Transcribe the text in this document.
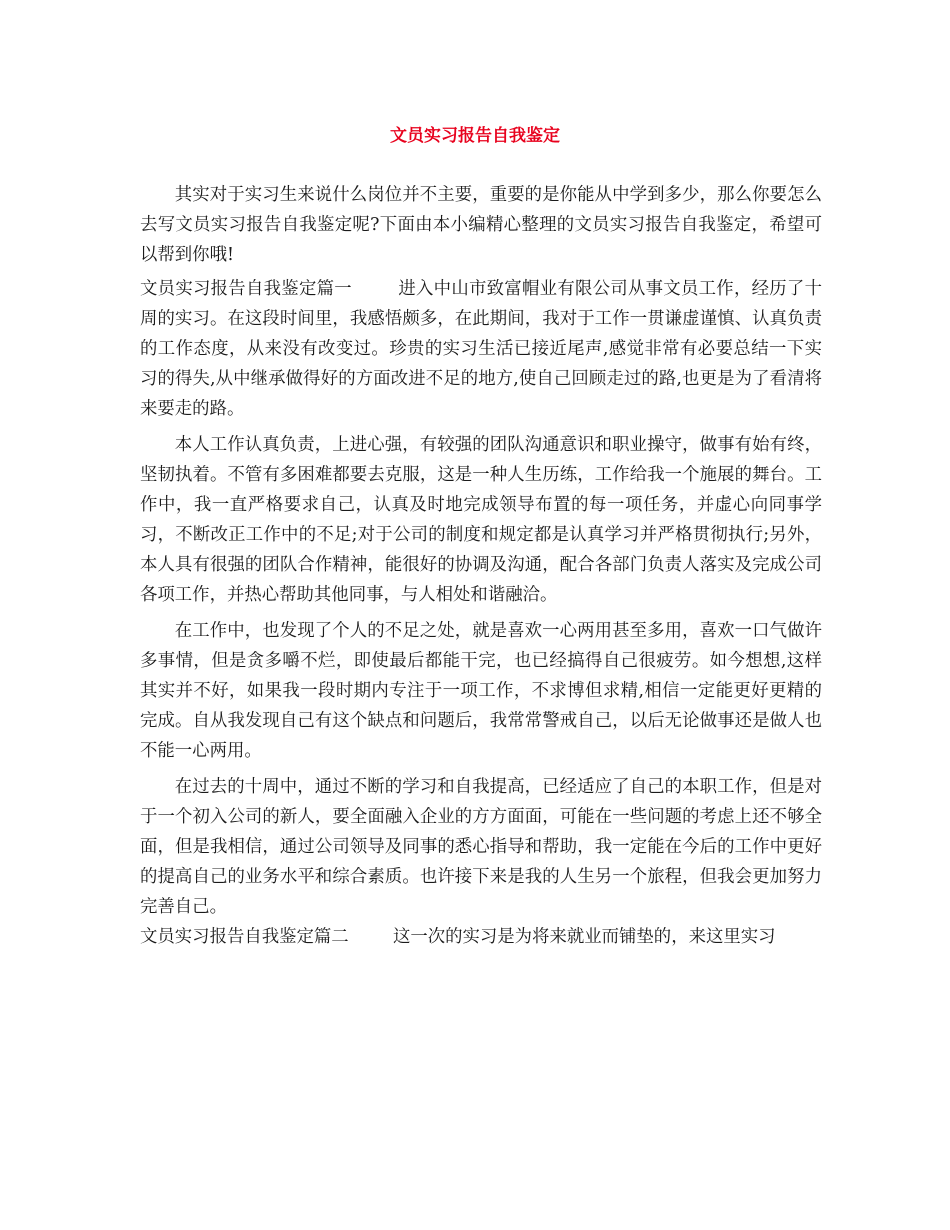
文员实习报告自我鉴定

其实对于实习生来说什么岗位并不主要，重要的是你能从中学到多少，那么你要怎么去写文员实习报告自我鉴定呢?下面由本小编精心整理的文员实习报告自我鉴定，希望可以帮到你哦!

文员实习报告自我鉴定篇一	进入中山市致富帽业有限公司从事文员工作，经历了十周的实习。在这段时间里，我感悟颇多，在此期间，我对于工作一贯谦虚谨慎、认真负责的工作态度，从来没有改变过。珍贵的实习生活已接近尾声,感觉非常有必要总结一下实习的得失,从中继承做得好的方面改进不足的地方,使自己回顾走过的路,也更是为了看清将来要走的路。

本人工作认真负责，上进心强，有较强的团队沟通意识和职业操守，做事有始有终，坚韧执着。不管有多困难都要去克服，这是一种人生历练，工作给我一个施展的舞台。工作中，我一直严格要求自己，认真及时地完成领导布置的每一项任务，并虚心向同事学习，不断改正工作中的不足;对于公司的制度和规定都是认真学习并严格贯彻执行;另外，本人具有很强的团队合作精神，能很好的协调及沟通，配合各部门负责人落实及完成公司各项工作，并热心帮助其他同事，与人相处和谐融洽。

在工作中，也发现了个人的不足之处，就是喜欢一心两用甚至多用，喜欢一口气做许多事情，但是贪多嚼不烂，即使最后都能干完，也已经搞得自己很疲劳。如今想想,这样其实并不好，如果我一段时期内专注于一项工作，不求博但求精,相信一定能更好更精的完成。自从我发现自己有这个缺点和问题后，我常常警戒自己，以后无论做事还是做人也不能一心两用。

在过去的十周中，通过不断的学习和自我提高，已经适应了自己的本职工作，但是对于一个初入公司的新人，要全面融入企业的方方面面，可能在一些问题的考虑上还不够全面，但是我相信，通过公司领导及同事的悉心指导和帮助，我一定能在今后的工作中更好的提高自己的业务水平和综合素质。也许接下来是我的人生另一个旅程，但我会更加努力完善自己。

文员实习报告自我鉴定篇二	这一次的实习是为将来就业而铺垫的，来这里实习
